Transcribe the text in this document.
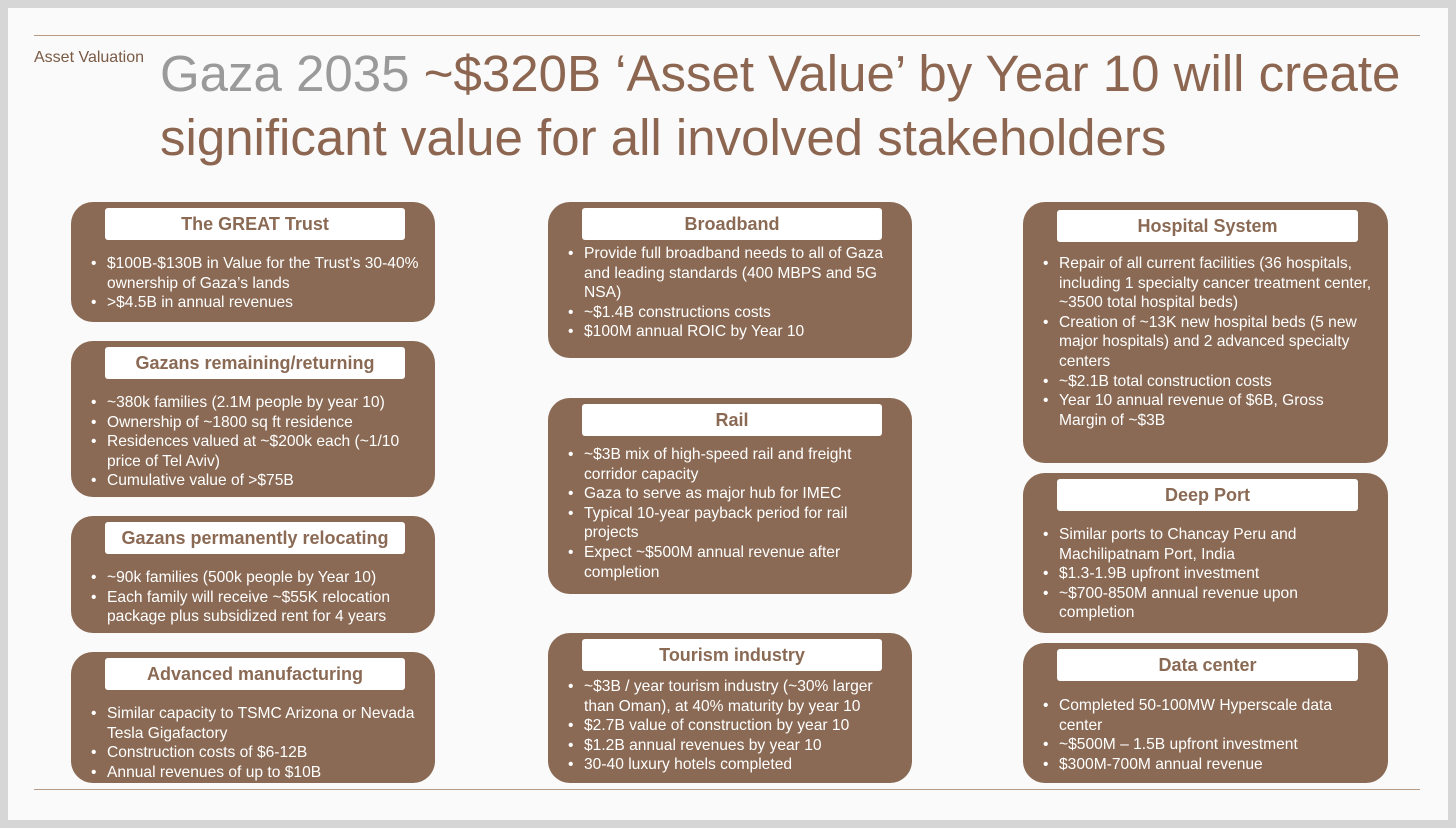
Asset Valuation Gaza 2035 ~$320B ‘Asset Value’ by Year 10 will create significant value for all involved stakeholders
The GREAT Trust
• $100B-$130B in Value for the Trust’s 30-40% ownership of Gaza’s lands
• >$4.5B in annual revenues
Gazans remaining/returning
• ~380k families (2.1M people by year 10)
• Ownership of ~1800 sq ft residence
• Residences valued at ~$200k each (~1/10 price of Tel Aviv)
• Cumulative value of >$75B
Gazans permanently relocating
• ~90k families (500k people by Year 10)
• Each family will receive ~$55K relocation package plus subsidized rent for 4 years
Advanced manufacturing
• Similar capacity to TSMC Arizona or Nevada Tesla Gigafactory
• Construction costs of $6-12B
• Annual revenues of up to $10B
Broadband
• Provide full broadband needs to all of Gaza and leading standards (400 MBPS and 5G NSA)
• ~$1.4B constructions costs
• $100M annual ROIC by Year 10
Rail
• ~$3B mix of high-speed rail and freight corridor capacity
• Gaza to serve as major hub for IMEC
• Typical 10-year payback period for rail projects
• Expect ~$500M annual revenue after completion
Tourism industry
• ~$3B / year tourism industry (~30% larger than Oman), at 40% maturity by year 10
• $2.7B value of construction by year 10
• $1.2B annual revenues by year 10
• 30-40 luxury hotels completed
Hospital System
• Repair of all current facilities (36 hospitals, including 1 specialty cancer treatment center, ~3500 total hospital beds)
• Creation of ~13K new hospital beds (5 new major hospitals) and 2 advanced specialty centers
• ~$2.1B total construction costs
• Year 10 annual revenue of $6B, Gross Margin of ~$3B
Deep Port
• Similar ports to Chancay Peru and Machilipatnam Port, India
• $1.3-1.9B upfront investment
• ~$700-850M annual revenue upon completion
Data center
• Completed 50-100MW Hyperscale data center
• ~$500M – 1.5B upfront investment
• $300M-700M annual revenue
